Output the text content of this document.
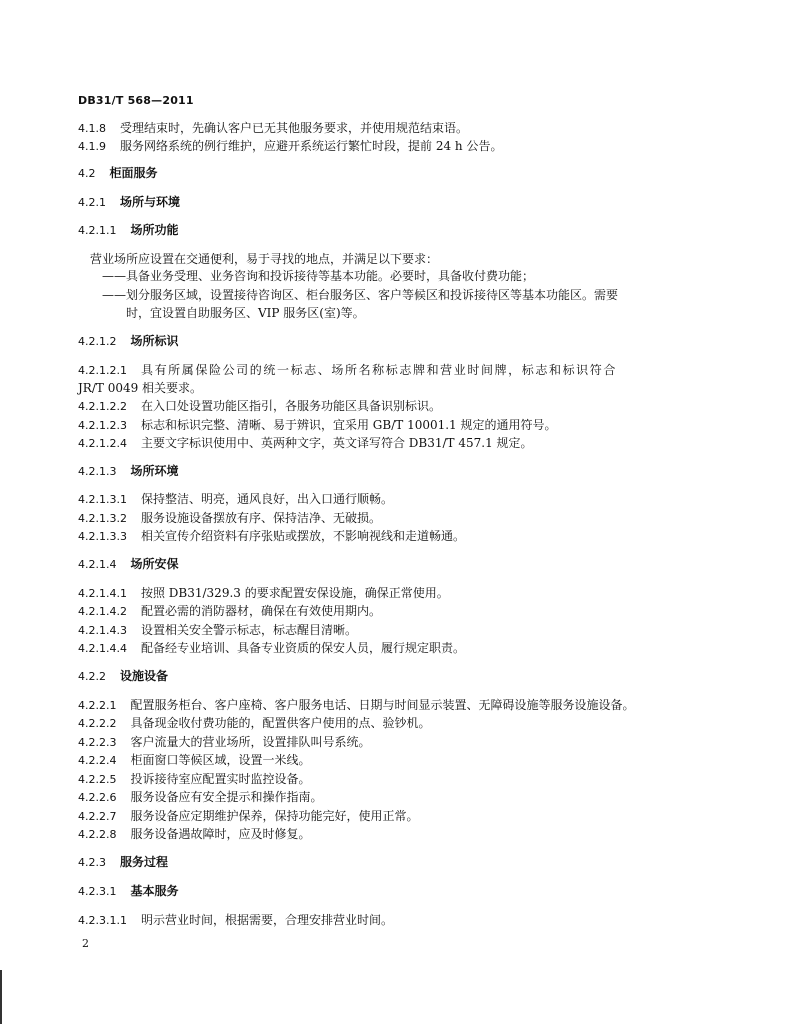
DB31/T 568—2011
4.1.8 受理结束时，先确认客户已无其他服务要求，并使用规范结束语。
4.1.9 服务网络系统的例行维护，应避开系统运行繁忙时段，提前 24 h 公告。
4.2 柜面服务
4.2.1 场所与环境
4.2.1.1 场所功能
营业场所应设置在交通便利，易于寻找的地点，并满足以下要求：
——具备业务受理、业务咨询和投诉接待等基本功能。必要时，具备收付费功能；
——划分服务区域，设置接待咨询区、柜台服务区、客户等候区和投诉接待区等基本功能区。需要
时，宜设置自助服务区、VIP 服务区(室)等。
4.2.1.2 场所标识
4.2.1.2.1 具有所属保险公司的统一标志、场所名称标志牌和营业时间牌，标志和标识符合
JR/T 0049 相关要求。
4.2.1.2.2 在入口处设置功能区指引，各服务功能区具备识别标识。
4.2.1.2.3 标志和标识完整、清晰、易于辨识，宜采用 GB/T 10001.1 规定的通用符号。
4.2.1.2.4 主要文字标识使用中、英两种文字，英文译写符合 DB31/T 457.1 规定。
4.2.1.3 场所环境
4.2.1.3.1 保持整洁、明亮，通风良好，出入口通行顺畅。
4.2.1.3.2 服务设施设备摆放有序、保持洁净、无破损。
4.2.1.3.3 相关宣传介绍资料有序张贴或摆放，不影响视线和走道畅通。
4.2.1.4 场所安保
4.2.1.4.1 按照 DB31/329.3 的要求配置安保设施，确保正常使用。
4.2.1.4.2 配置必需的消防器材，确保在有效使用期内。
4.2.1.4.3 设置相关安全警示标志，标志醒目清晰。
4.2.1.4.4 配备经专业培训、具备专业资质的保安人员，履行规定职责。
4.2.2 设施设备
4.2.2.1 配置服务柜台、客户座椅、客户服务电话、日期与时间显示装置、无障碍设施等服务设施设备。
4.2.2.2 具备现金收付费功能的，配置供客户使用的点、验钞机。
4.2.2.3 客户流量大的营业场所，设置排队叫号系统。
4.2.2.4 柜面窗口等候区域，设置一米线。
4.2.2.5 投诉接待室应配置实时监控设备。
4.2.2.6 服务设备应有安全提示和操作指南。
4.2.2.7 服务设备应定期维护保养，保持功能完好，使用正常。
4.2.2.8 服务设备遇故障时，应及时修复。
4.2.3 服务过程
4.2.3.1 基本服务
4.2.3.1.1 明示营业时间，根据需要，合理安排营业时间。
2
